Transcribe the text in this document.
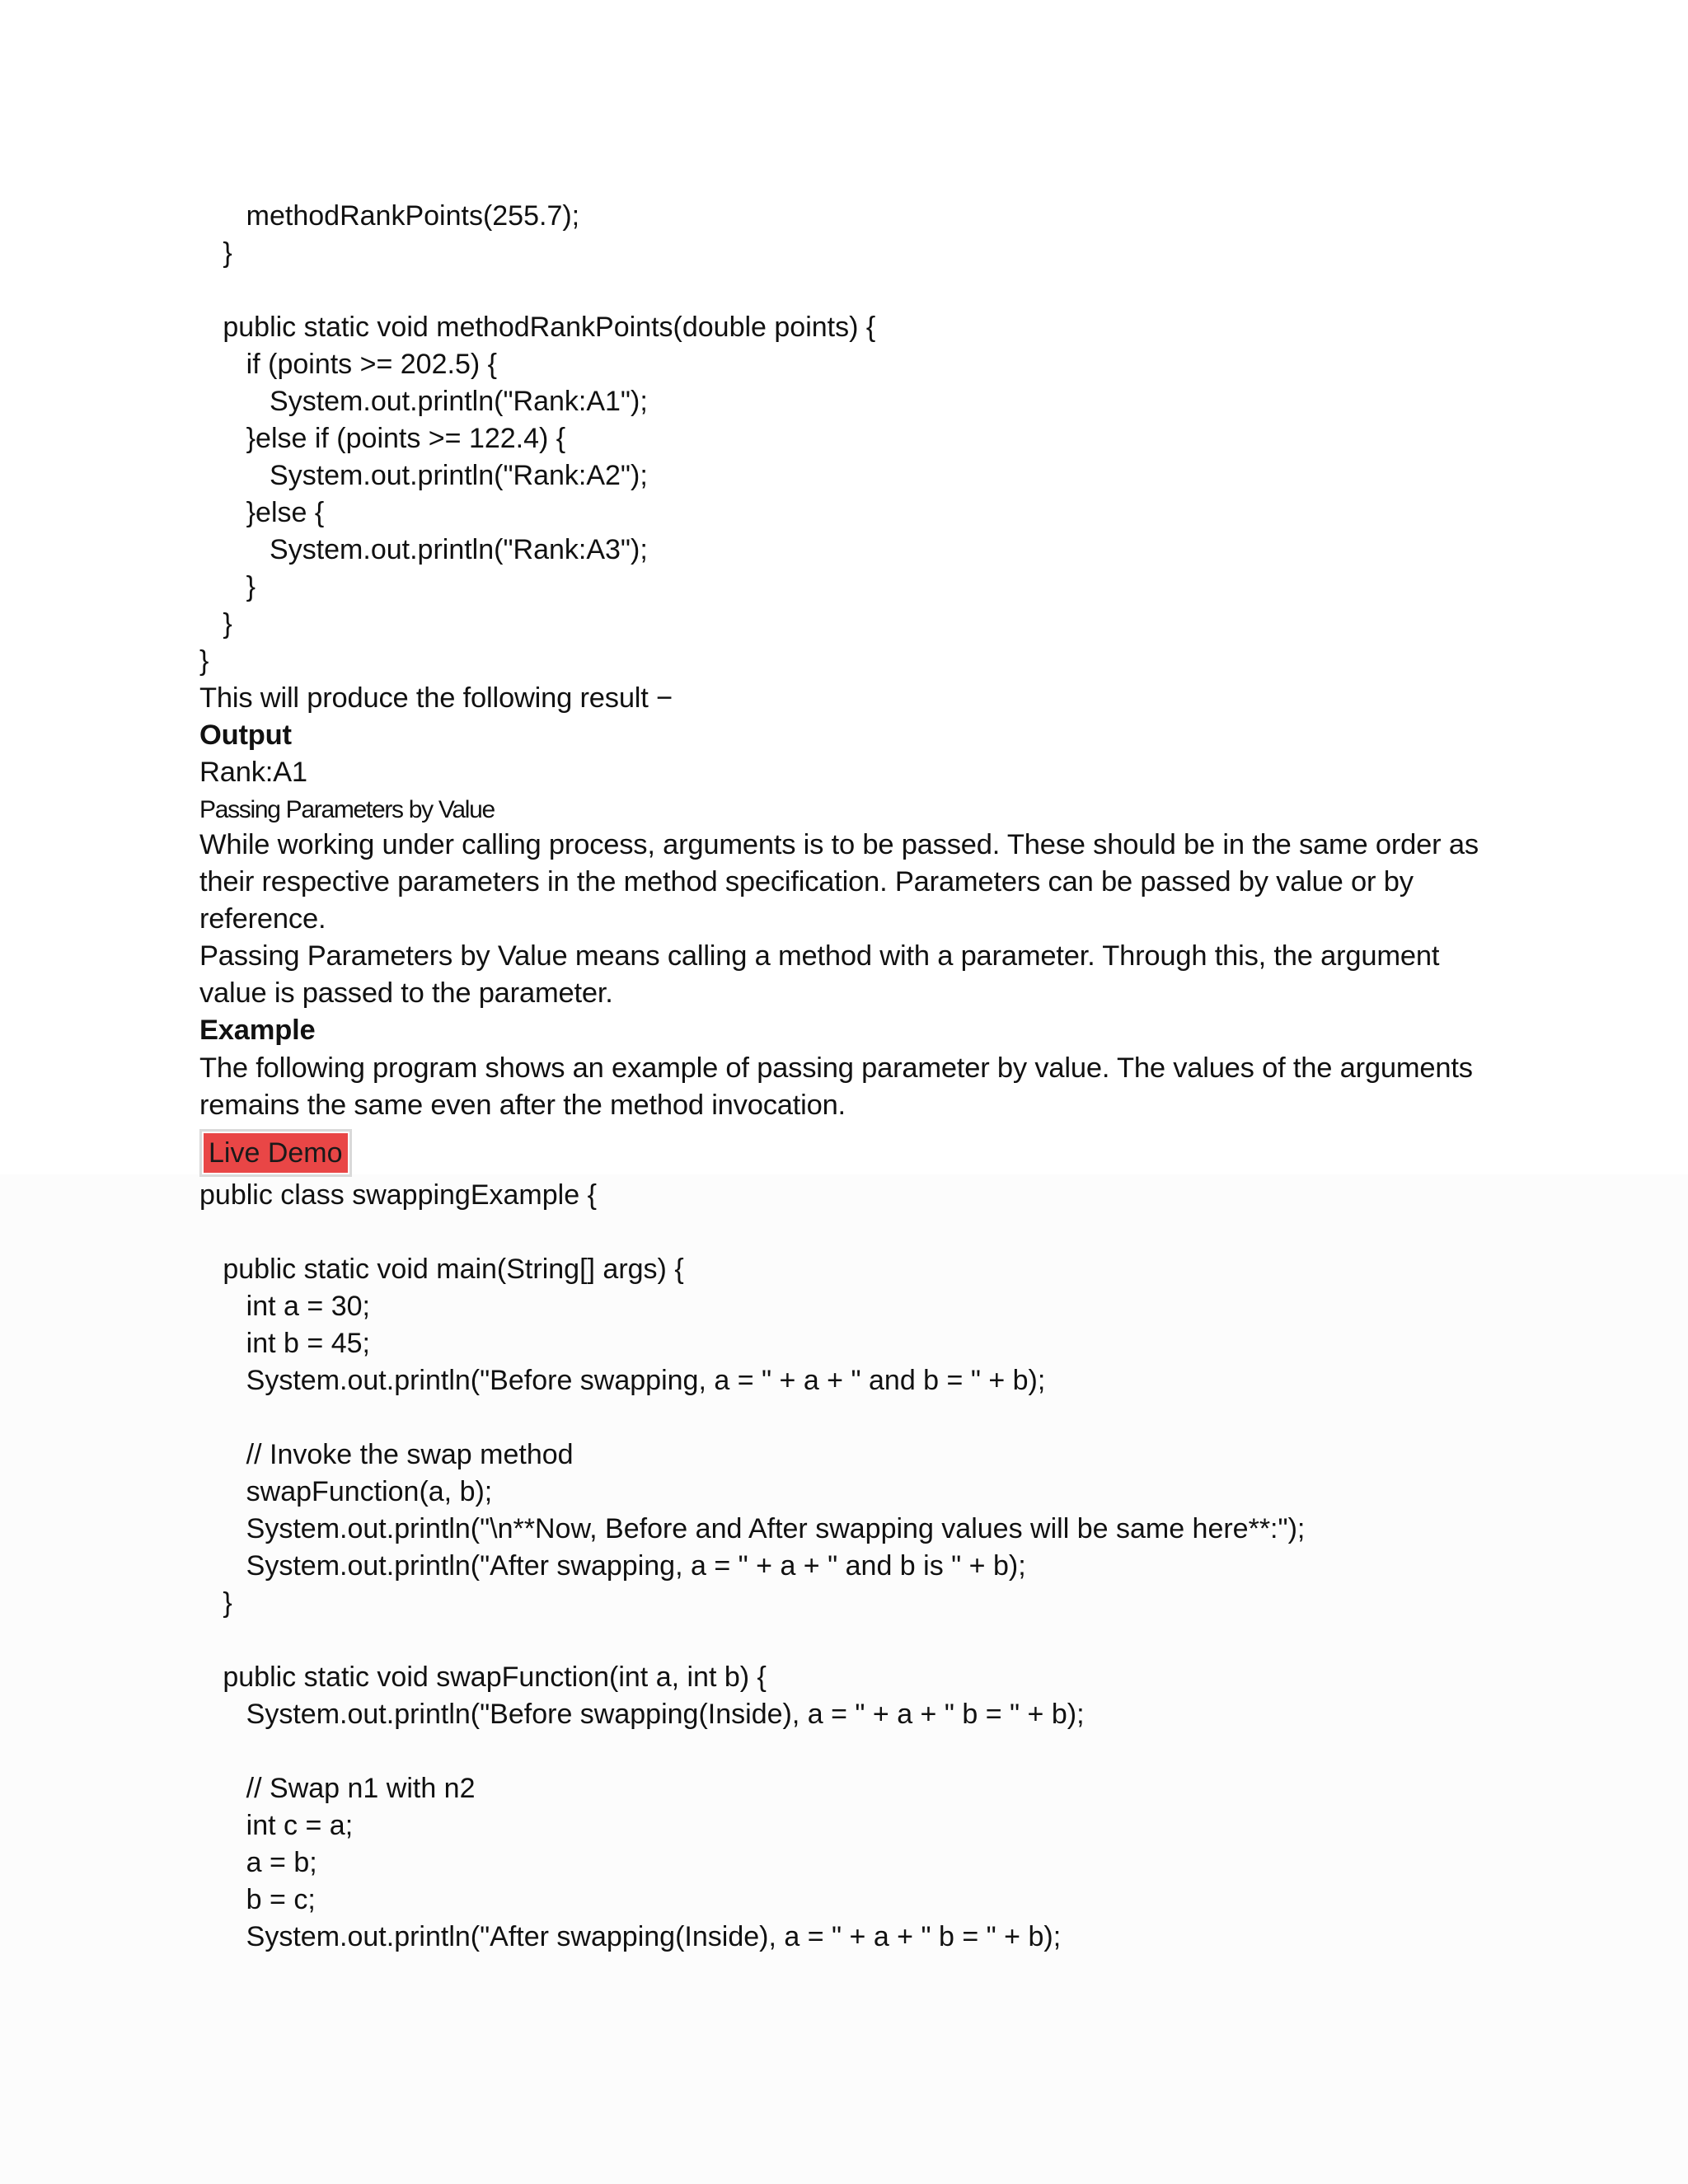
methodRankPoints(255.7);
}
public static void methodRankPoints(double points) {
if (points >= 202.5) {
System.out.println("Rank:A1");
}else if (points >= 122.4) {
System.out.println("Rank:A2");
}else {
System.out.println("Rank:A3");
}
}
}
This will produce the following result −
Output
Rank:A1
Passing Parameters by Value
While working under calling process, arguments is to be passed. These should be in the same order as
their respective parameters in the method specification. Parameters can be passed by value or by
reference.
Passing Parameters by Value means calling a method with a parameter. Through this, the argument
value is passed to the parameter.
Example
The following program shows an example of passing parameter by value. The values of the arguments
remains the same even after the method invocation.
Live Demo
public class swappingExample {
public static void main(String[] args) {
int a = 30;
int b = 45;
System.out.println("Before swapping, a = " + a + " and b = " + b);
// Invoke the swap method
swapFunction(a, b);
System.out.println("\n**Now, Before and After swapping values will be same here**:");
System.out.println("After swapping, a = " + a + " and b is " + b);
}
public static void swapFunction(int a, int b) {
System.out.println("Before swapping(Inside), a = " + a + " b = " + b);
// Swap n1 with n2
int c = a;
a = b;
b = c;
System.out.println("After swapping(Inside), a = " + a + " b = " + b);
